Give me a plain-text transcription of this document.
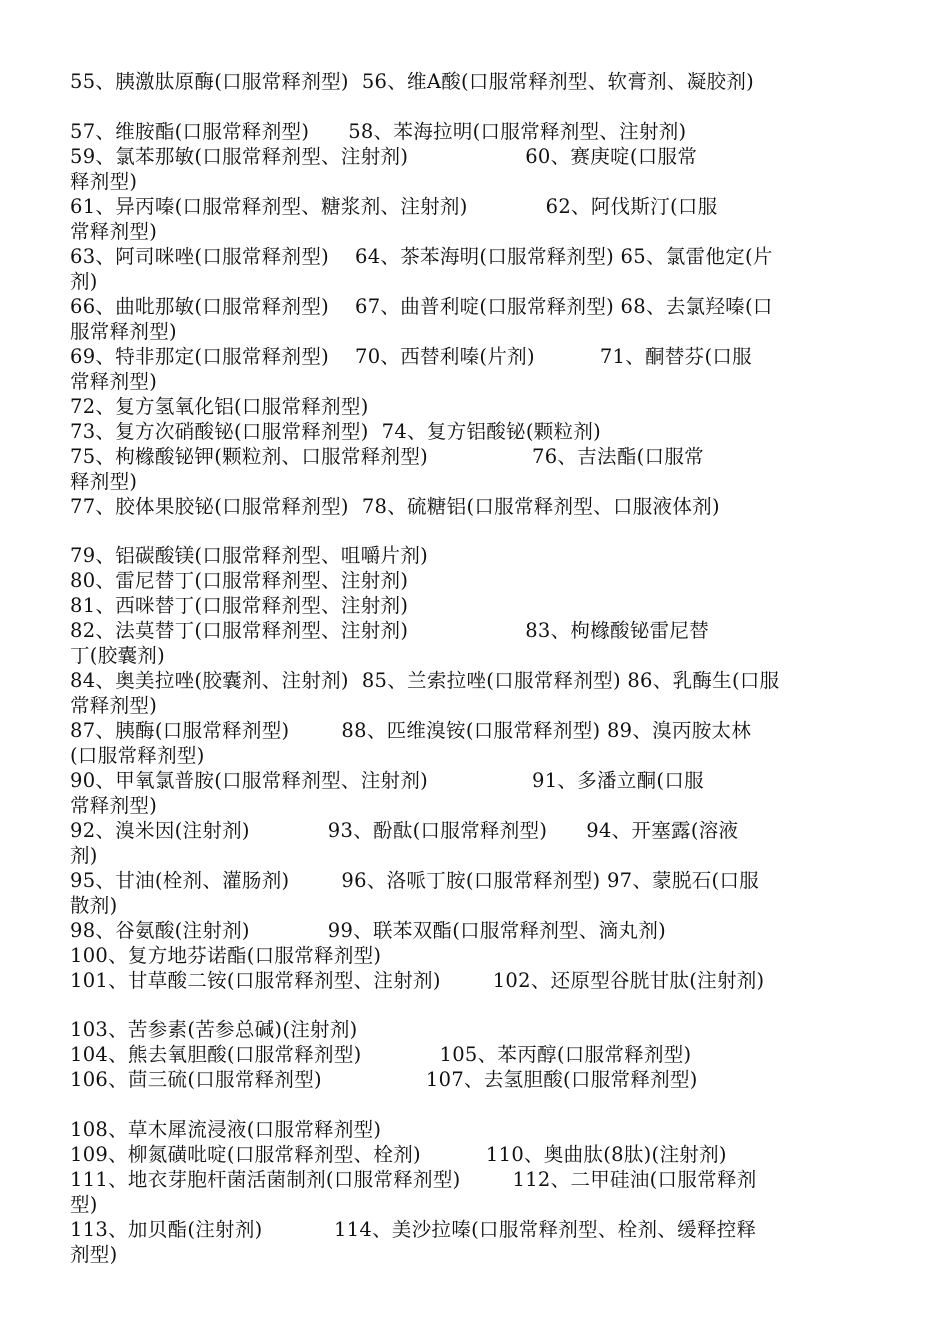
55、胰激肽原酶(口服常释剂型)  56、维A酸(口服常释剂型、软膏剂、凝胶剂)

57、维胺酯(口服常释剂型)      58、苯海拉明(口服常释剂型、注射剂)

59、氯苯那敏(口服常释剂型、注射剂)                  60、赛庚啶(口服常

释剂型)

61、异丙嗪(口服常释剂型、糖浆剂、注射剂)            62、阿伐斯汀(口服

常释剂型)

63、阿司咪唑(口服常释剂型)    64、茶苯海明(口服常释剂型) 65、氯雷他定(片

剂)

66、曲吡那敏(口服常释剂型)    67、曲普利啶(口服常释剂型) 68、去氯羟嗪(口

服常释剂型)

69、特非那定(口服常释剂型)    70、西替利嗪(片剂)          71、酮替芬(口服

常释剂型)

72、复方氢氧化铝(口服常释剂型)

73、复方次硝酸铋(口服常释剂型)  74、复方铝酸铋(颗粒剂)

75、枸橼酸铋钾(颗粒剂、口服常释剂型)                76、吉法酯(口服常

释剂型)

77、胶体果胶铋(口服常释剂型)  78、硫糖铝(口服常释剂型、口服液体剂)

79、铝碳酸镁(口服常释剂型、咀嚼片剂)

80、雷尼替丁(口服常释剂型、注射剂)

81、西咪替丁(口服常释剂型、注射剂)

82、法莫替丁(口服常释剂型、注射剂)                  83、枸橼酸铋雷尼替

丁(胶囊剂)

84、奥美拉唑(胶囊剂、注射剂)  85、兰索拉唑(口服常释剂型) 86、乳酶生(口服

常释剂型)

87、胰酶(口服常释剂型)        88、匹维溴铵(口服常释剂型) 89、溴丙胺太林

(口服常释剂型)

90、甲氧氯普胺(口服常释剂型、注射剂)                91、多潘立酮(口服

常释剂型)

92、溴米因(注射剂)            93、酚酞(口服常释剂型)      94、开塞露(溶液

剂)

95、甘油(栓剂、灌肠剂)        96、洛哌丁胺(口服常释剂型) 97、蒙脱石(口服

散剂)

98、谷氨酸(注射剂)            99、联苯双酯(口服常释剂型、滴丸剂)

100、复方地芬诺酯(口服常释剂型)

101、甘草酸二铵(口服常释剂型、注射剂)        102、还原型谷胱甘肽(注射剂)

103、苦参素(苦参总碱)(注射剂)

104、熊去氧胆酸(口服常释剂型)            105、苯丙醇(口服常释剂型)

106、茴三硫(口服常释剂型)                107、去氢胆酸(口服常释剂型)

108、草木犀流浸液(口服常释剂型)

109、柳氮磺吡啶(口服常释剂型、栓剂)          110、奥曲肽(8肽)(注射剂)

111、地衣芽胞杆菌活菌制剂(口服常释剂型)        112、二甲硅油(口服常释剂

型)

113、加贝酯(注射剂)           114、美沙拉嗪(口服常释剂型、栓剂、缓释控释

剂型)
